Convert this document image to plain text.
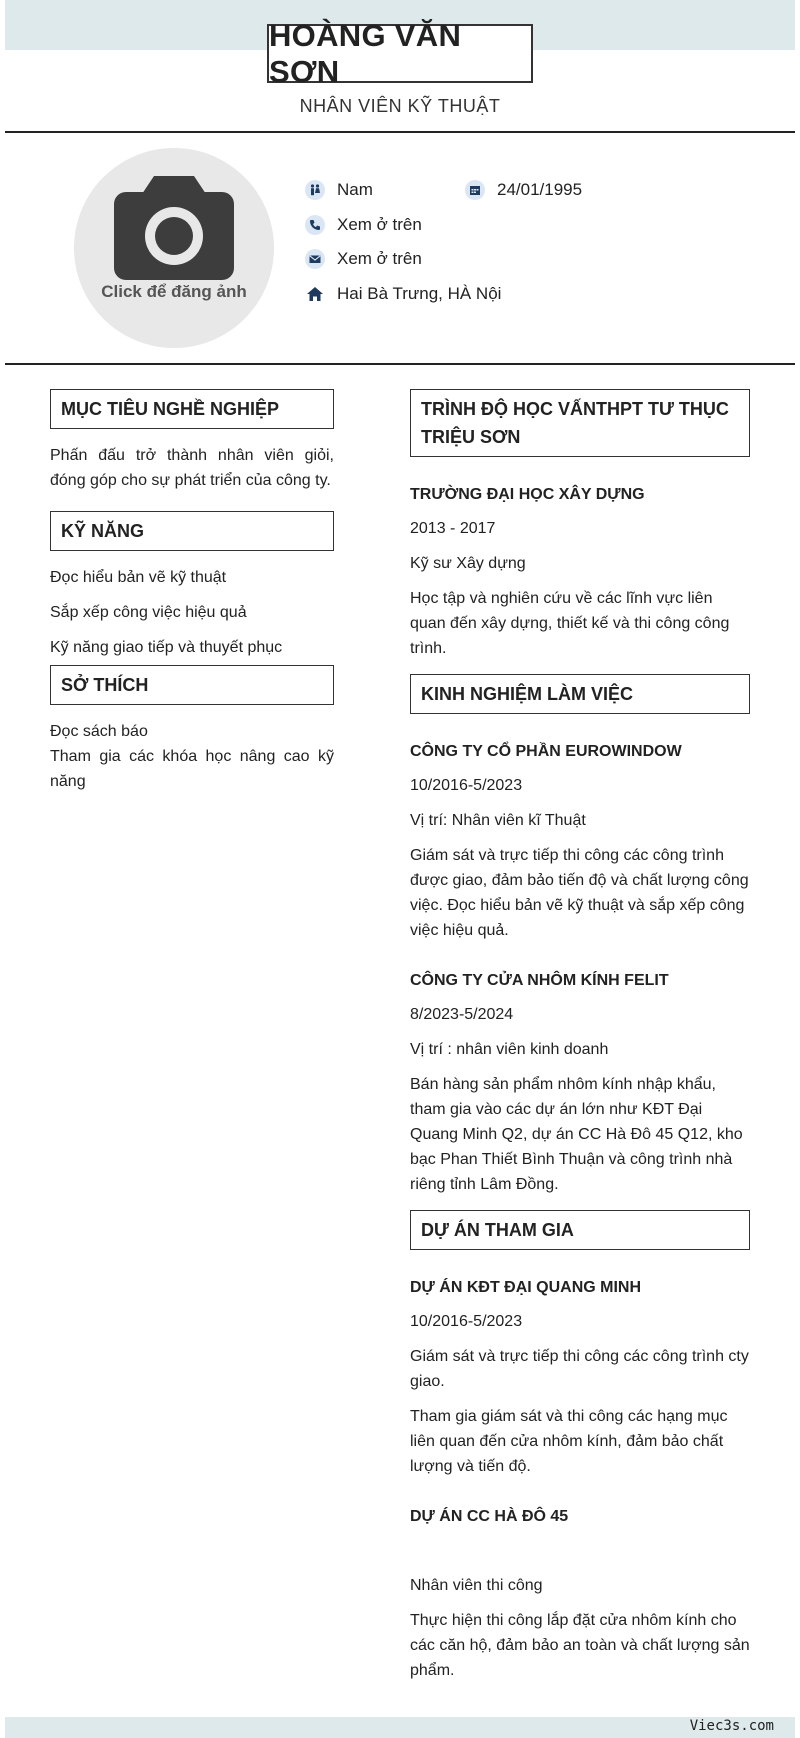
HOÀNG VĂN SƠN
NHÂN VIÊN KỸ THUẬT
Click để đăng ảnh
Nam	24/01/1995
Xem ở trên
Xem ở trên
Hai Bà Trưng, HÀ Nội
MỤC TIÊU NGHỀ NGHIỆP
Phấn đấu trở thành nhân viên giỏi, đóng góp cho sự phát triển của công ty.
KỸ NĂNG
Đọc hiểu bản vẽ kỹ thuật
Sắp xếp công việc hiệu quả
Kỹ năng giao tiếp và thuyết phục
SỞ THÍCH
Đọc sách báo
Tham gia các khóa học nâng cao kỹ năng
TRÌNH ĐỘ HỌC VẤNTHPT TƯ THỤC TRIỆU SƠN
TRƯỜNG ĐẠI HỌC XÂY DỰNG
2013 - 2017
Kỹ sư Xây dựng
Học tập và nghiên cứu về các lĩnh vực liên quan đến xây dựng, thiết kế và thi công công trình.
KINH NGHIỆM LÀM VIỆC
CÔNG TY CỔ PHẦN EUROWINDOW
10/2016-5/2023
Vị trí: Nhân viên kĩ Thuật
Giám sát và trực tiếp thi công các công trình được giao, đảm bảo tiến độ và chất lượng công việc. Đọc hiểu bản vẽ kỹ thuật và sắp xếp công việc hiệu quả.
CÔNG TY CỬA NHÔM KÍNH FELIT
8/2023-5/2024
Vị trí : nhân viên kinh doanh
Bán hàng sản phẩm nhôm kính nhập khẩu, tham gia vào các dự án lớn như KĐT Đại Quang Minh Q2, dự án CC Hà Đô 45 Q12, kho bạc Phan Thiết Bình Thuận và công trình nhà riêng tỉnh Lâm Đồng.
DỰ ÁN THAM GIA
DỰ ÁN KĐT ĐẠI QUANG MINH
10/2016-5/2023
Giám sát và trực tiếp thi công các công trình cty giao.
Tham gia giám sát và thi công các hạng mục liên quan đến cửa nhôm kính, đảm bảo chất lượng và tiến độ.
DỰ ÁN CC HÀ ĐÔ 45
Nhân viên thi công
Thực hiện thi công lắp đặt cửa nhôm kính cho các căn hộ, đảm bảo an toàn và chất lượng sản phẩm.
Viec3s.com
